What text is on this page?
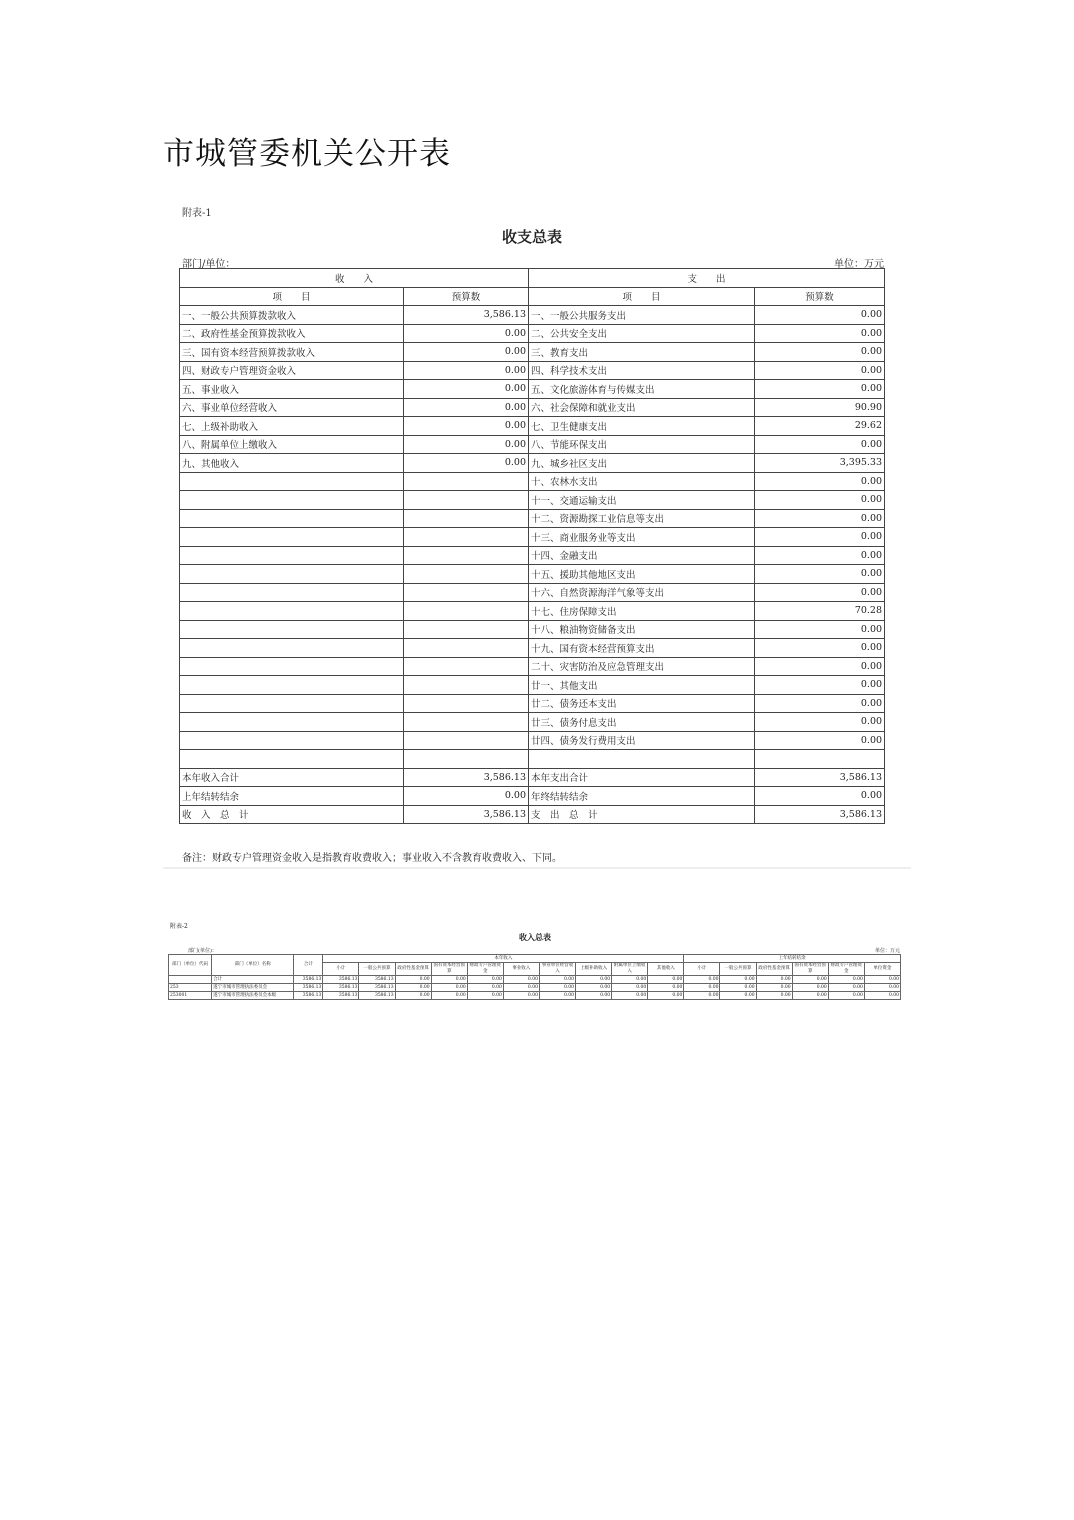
市城管委机关公开表
附表-1
收支总表
部门/单位：	单位：万元
收　　入		支　　出	
项　　目	预算数	项　　目	预算数
一、一般公共预算拨款收入	3,586.13	一、一般公共服务支出	0.00
二、政府性基金预算拨款收入	0.00	二、公共安全支出	0.00
三、国有资本经营预算拨款收入	0.00	三、教育支出	0.00
四、财政专户管理资金收入	0.00	四、科学技术支出	0.00
五、事业收入	0.00	五、文化旅游体育与传媒支出	0.00
六、事业单位经营收入	0.00	六、社会保障和就业支出	90.90
七、上级补助收入	0.00	七、卫生健康支出	29.62
八、附属单位上缴收入	0.00	八、节能环保支出	0.00
九、其他收入	0.00	九、城乡社区支出	3,395.33
		十、农林水支出	0.00
		十一、交通运输支出	0.00
		十二、资源勘探工业信息等支出	0.00
		十三、商业服务业等支出	0.00
		十四、金融支出	0.00
		十五、援助其他地区支出	0.00
		十六、自然资源海洋气象等支出	0.00
		十七、住房保障支出	70.28
		十八、粮油物资储备支出	0.00
		十九、国有资本经营预算支出	0.00
		二十、灾害防治及应急管理支出	0.00
		廿一、其他支出	0.00
		廿二、债务还本支出	0.00
		廿三、债务付息支出	0.00
		廿四、债务发行费用支出	0.00

本年收入合计	3,586.13	本年支出合计	3,586.13
上年结转结余	0.00	年终结转结余	0.00
收　入　总　计	3,586.13	支　出　总　计	3,586.13
备注：财政专户管理资金收入是指教育收费收入；事业收入不含教育收费收入、下同。
附表-2
收入总表
部门(单位)：	单位：万元
部门（单位）代码	部门（单位）名称	合计	本年收入										上年结转结余					
			小计	一般公共预算	政府性基金预算	国有资本经营预算	财政专户管理资金	事业收入	事业单位经营收入	上级补助收入	附属单位上缴收入	其他收入	小计	一般公共预算	政府性基金预算	国有资本经营预算	财政专户管理资金	单位资金
	合计	3586.13	3586.13	3586.13	0.00	0.00	0.00	0.00	0.00	0.00	0.00	0.00	0.00	0.00	0.00	0.00	0.00	0.00
253	遂宁市城市管理执法委员会	3586.13	3586.13	3586.13	0.00	0.00	0.00	0.00	0.00	0.00	0.00	0.00	0.00	0.00	0.00	0.00	0.00	0.00
253001	遂宁市城市管理执法委员会本级	3586.13	3586.13	3586.13	0.00	0.00	0.00	0.00	0.00	0.00	0.00	0.00	0.00	0.00	0.00	0.00	0.00	0.00
